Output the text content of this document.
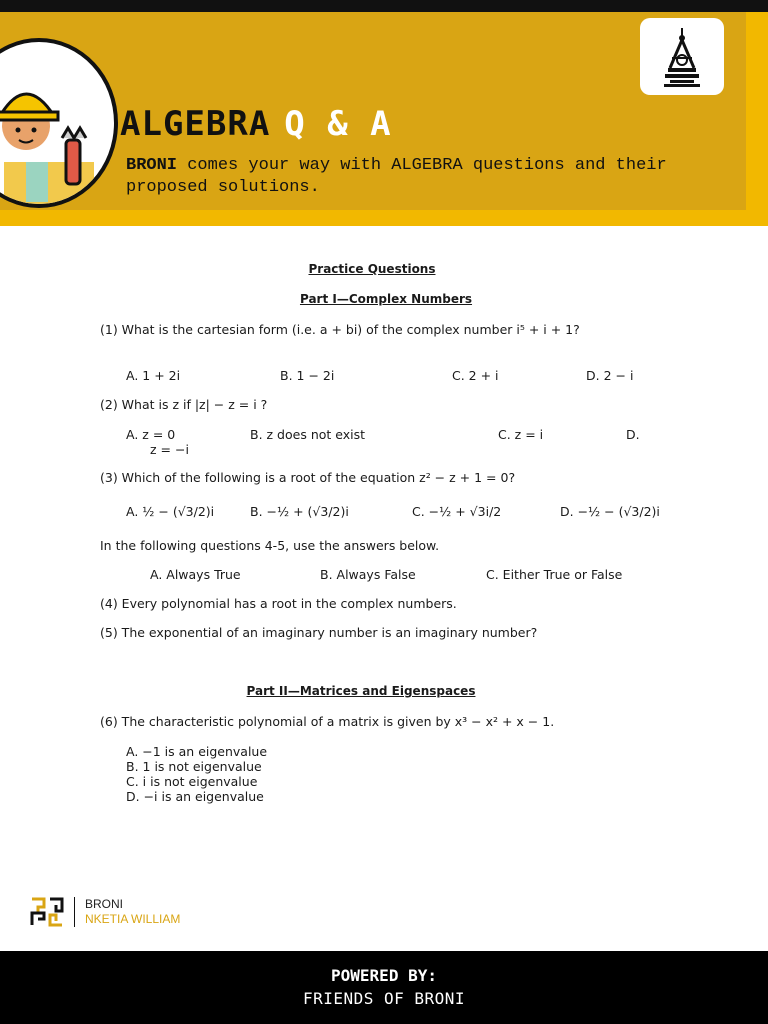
ALGEBRA Q & A
BRONI comes your way with ALGEBRA questions and their proposed solutions.
Practice Questions
Part I—Complex Numbers
(1) What is the cartesian form (i.e. a + bi) of the complex number i⁵ + i + 1?
A. 1 + 2i	B. 1 − 2i	C. 2 + i	D. 2 − i
(2) What is z if |z| − z = i ?
A. z = 0	B. z does not exist	C. z = i	D.
z = −i
(3) Which of the following is a root of the equation z² − z + 1 = 0?
A. ½ − (√3/2)i	B. −½ + (√3/2)i	C. −½ + √3i/2	D. −½ − (√3/2)i
In the following questions 4-5, use the answers below.
A. Always True	B. Always False	C. Either True or False
(4) Every polynomial has a root in the complex numbers.
(5) The exponential of an imaginary number is an imaginary number?
Part II—Matrices and Eigenspaces
(6) The characteristic polynomial of a matrix is given by x³ − x² + x − 1.
A. −1 is an eigenvalue
B. 1 is not eigenvalue
C. i is not eigenvalue
D. −i is an eigenvalue
BRONI
NKETIA WILLIAM
POWERED BY:
FRIENDS OF BRONI
